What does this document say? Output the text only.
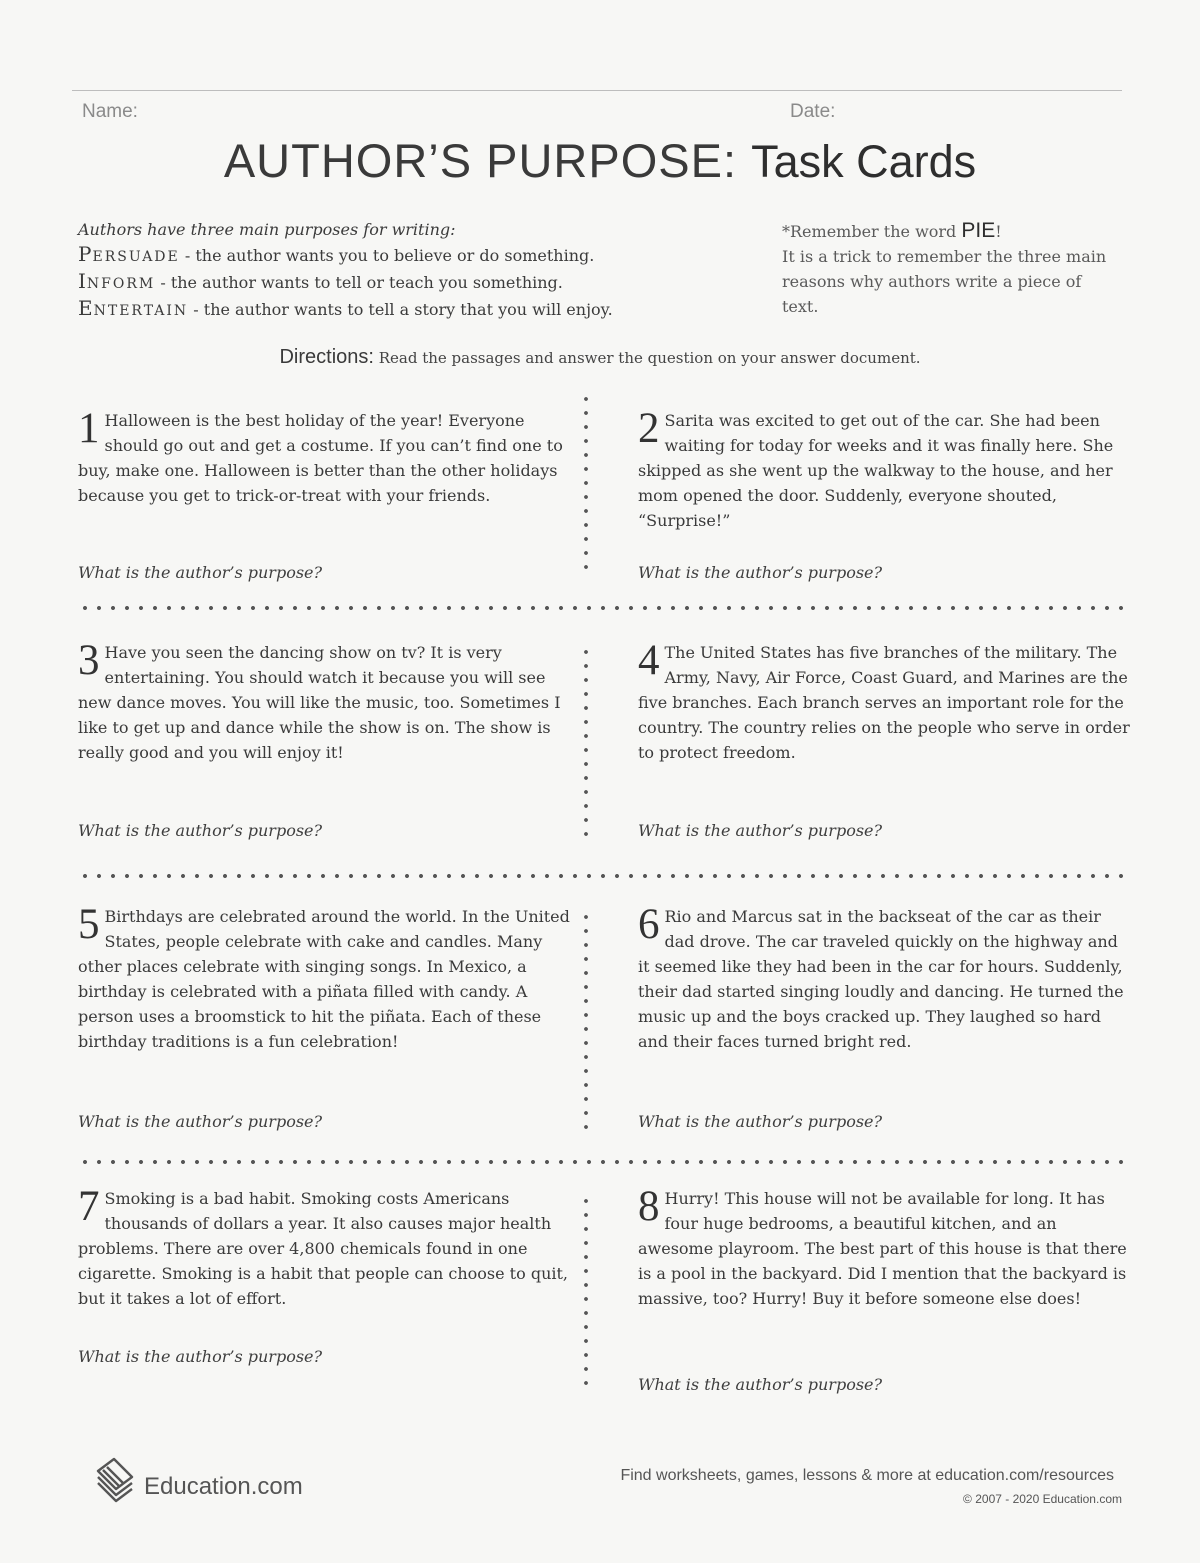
Name:	Date:
AUTHOR’S PURPOSE: Task Cards
Authors have three main purposes for writing:
PERSUADE - the author wants you to believe or do something.
INFORM - the author wants to tell or teach you something.
ENTERTAIN - the author wants to tell a story that you will enjoy.
*Remember the word PIE!
It is a trick to remember the three main reasons why authors write a piece of text.
Directions: Read the passages and answer the question on your answer document.
1 Halloween is the best holiday of the year! Everyone should go out and get a costume. If you can’t find one to buy, make one. Halloween is better than the other holidays because you get to trick-or-treat with your friends.
What is the author’s purpose?
2 Sarita was excited to get out of the car. She had been waiting for today for weeks and it was finally here. She skipped as she went up the walkway to the house, and her mom opened the door. Suddenly, everyone shouted, “Surprise!”
What is the author’s purpose?
3 Have you seen the dancing show on tv? It is very entertaining. You should watch it because you will see new dance moves. You will like the music, too. Sometimes I like to get up and dance while the show is on. The show is really good and you will enjoy it!
What is the author’s purpose?
4 The United States has five branches of the military. The Army, Navy, Air Force, Coast Guard, and Marines are the five branches. Each branch serves an important role for the country. The country relies on the people who serve in order to protect freedom.
What is the author’s purpose?
5 Birthdays are celebrated around the world. In the United States, people celebrate with cake and candles. Many other places celebrate with singing songs. In Mexico, a birthday is celebrated with a piñata filled with candy. A person uses a broomstick to hit the piñata. Each of these birthday traditions is a fun celebration!
What is the author’s purpose?
6 Rio and Marcus sat in the backseat of the car as their dad drove. The car traveled quickly on the highway and it seemed like they had been in the car for hours. Suddenly, their dad started singing loudly and dancing. He turned the music up and the boys cracked up. They laughed so hard and their faces turned bright red.
What is the author’s purpose?
7 Smoking is a bad habit. Smoking costs Americans thousands of dollars a year. It also causes major health problems. There are over 4,800 chemicals found in one cigarette. Smoking is a habit that people can choose to quit, but it takes a lot of effort.
What is the author’s purpose?
8 Hurry! This house will not be available for long. It has four huge bedrooms, a beautiful kitchen, and an awesome playroom. The best part of this house is that there is a pool in the backyard. Did I mention that the backyard is massive, too? Hurry! Buy it before someone else does!
What is the author’s purpose?
Education.com	Find worksheets, games, lessons & more at education.com/resources
© 2007 - 2020 Education.com
